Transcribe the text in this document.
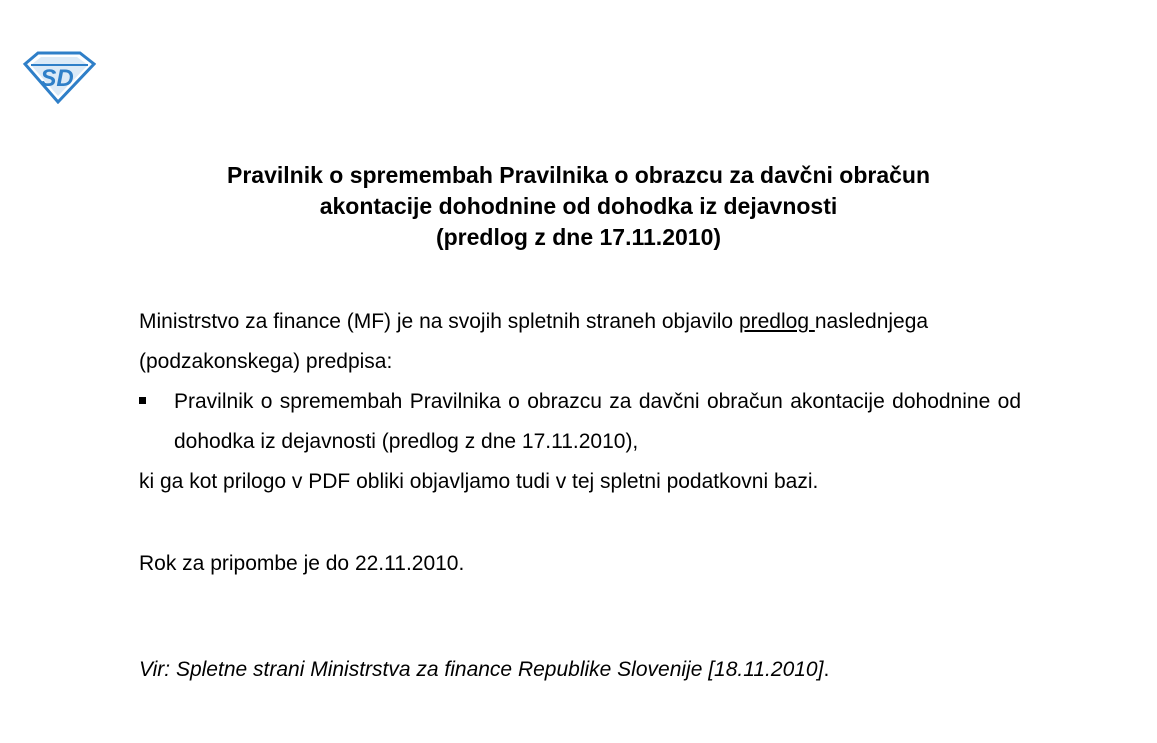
SD
Pravilnik o spremembah Pravilnika o obrazcu za davčni obračun
akontacije dohodnine od dohodka iz dejavnosti
(predlog z dne 17.11.2010)
Ministrstvo za finance (MF) je na svojih spletnih straneh objavilo predlog naslednjega (podzakonskega) predpisa:
Pravilnik o spremembah Pravilnika o obrazcu za davčni obračun akontacije dohodnine od dohodka iz dejavnosti (predlog z dne 17.11.2010),
ki ga kot prilogo v PDF obliki objavljamo tudi v tej spletni podatkovni bazi.
Rok za pripombe je do 22.11.2010.
Vir: Spletne strani Ministrstva za finance Republike Slovenije [18.11.2010].
